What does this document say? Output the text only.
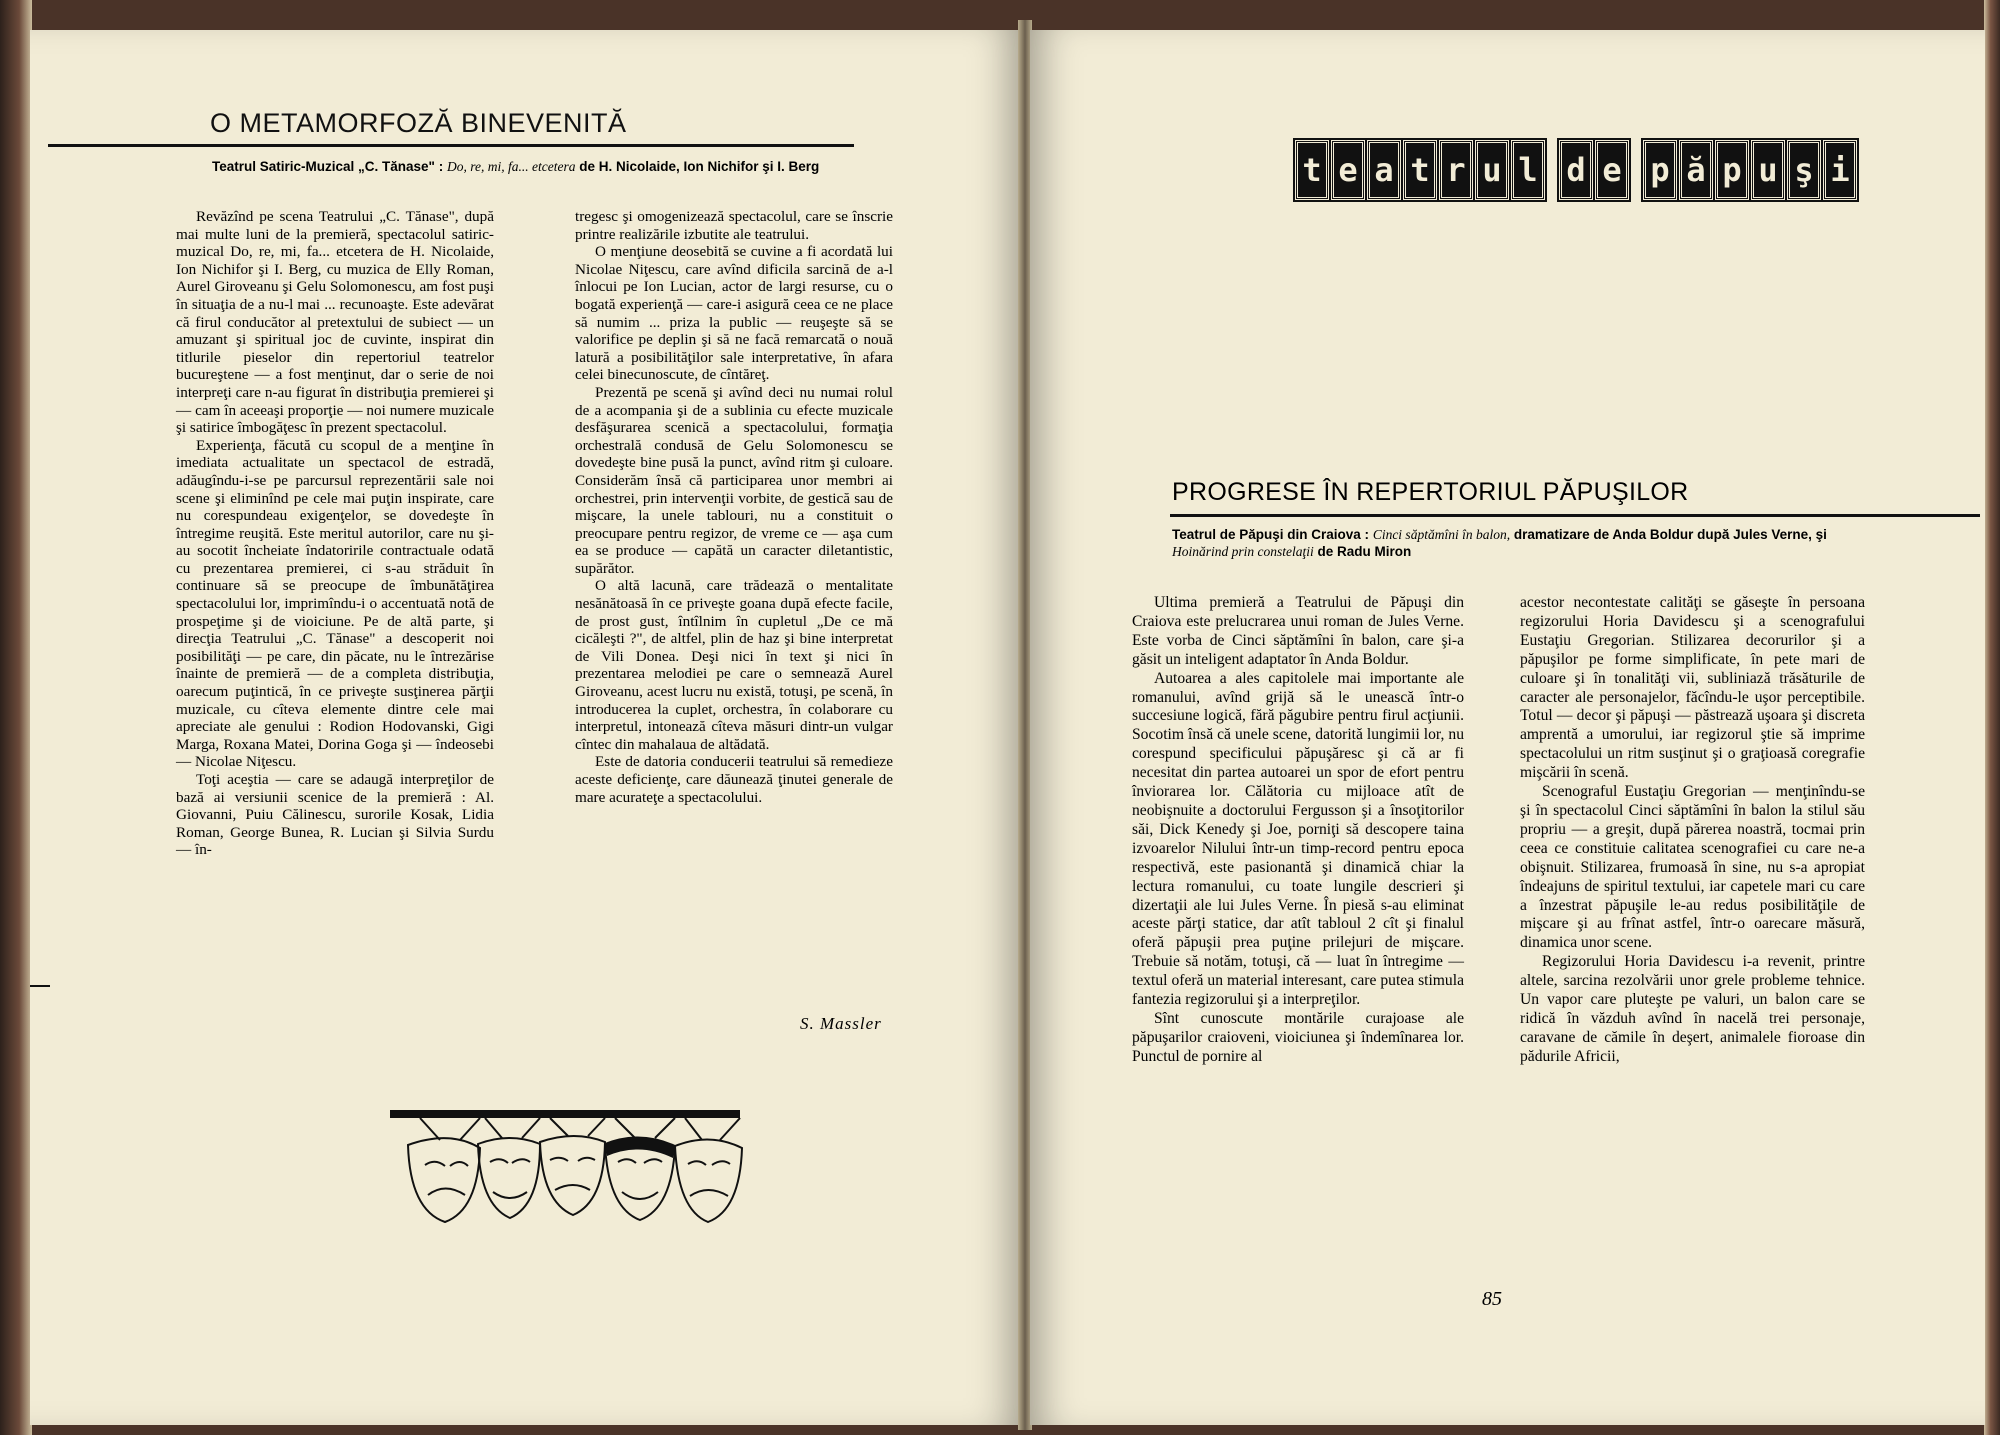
O METAMORFOZĂ BINEVENITĂ
Teatrul Satiric-Muzical „C. Tănase" : Do, re, mi, fa... etcetera de H. Nicolaide, Ion Nichifor şi I. Berg

Revăzînd pe scena Teatrului „C. Tănase", după mai multe luni de la premieră, spectacolul satiric-muzical Do, re, mi, fa... etcetera de H. Nicolaide, Ion Nichifor şi I. Berg, cu muzica de Elly Roman, Aurel Giroveanu şi Gelu Solomonescu, am fost puşi în situaţia de a nu-l mai ... recunoaşte. Este adevărat că firul conducător al pretextului de subiect — un amuzant şi spiritual joc de cuvinte, inspirat din titlurile pieselor din repertoriul teatrelor bucureştene — a fost menţinut, dar o serie de noi interpreţi care n-au figurat în distribuţia premierei şi — cam în aceeaşi proporţie — noi numere muzicale şi satirice îmbogăţesc în prezent spectacolul.

Experienţa, făcută cu scopul de a menţine în imediata actualitate un spectacol de estradă, adăugîndu-i-se pe parcursul reprezentării sale noi scene şi eliminînd pe cele mai puţin inspirate, care nu corespundeau exigenţelor, se dovedeşte în întregime reuşită. Este meritul autorilor, care nu şi-au socotit încheiate îndatoririle contractuale odată cu prezentarea premierei, ci s-au străduit în continuare să se preocupe de îmbunătăţirea spectacolului lor, imprimîndu-i o accentuată notă de prospeţime şi de vioiciune. Pe de altă parte, şi direcţia Teatrului „C. Tănase" a descoperit noi posibilităţi — pe care, din păcate, nu le întrezărise înainte de premieră — de a completa distribuţia, oarecum puţintică, în ce priveşte susţinerea părţii muzicale, cu cîteva elemente dintre cele mai apreciate ale genului : Rodion Hodovanski, Gigi Marga, Roxana Matei, Dorina Goga şi — îndeosebi — Nicolae Niţescu.

Toţi aceştia — care se adaugă interpreţilor de bază ai versiunii scenice de la premieră : Al. Giovanni, Puiu Călinescu, surorile Kosak, Lidia Roman, George Bunea, R. Lucian şi Silvia Surdu — în-

tregesc şi omogenizează spectacolul, care se înscrie printre realizările izbutite ale teatrului.

O menţiune deosebită se cuvine a fi acordată lui Nicolae Niţescu, care avînd dificila sarcină de a-l înlocui pe Ion Lucian, actor de largi resurse, cu o bogată experienţă — care-i asigură ceea ce ne place să numim ... priza la public — reuşeşte să se valorifice pe deplin şi să ne facă remarcată o nouă latură a posibilităţilor sale interpretative, în afara celei binecunoscute, de cîntăreţ.

Prezentă pe scenă şi avînd deci nu numai rolul de a acompania şi de a sublinia cu efecte muzicale desfăşurarea scenică a spectacolului, formaţia orchestrală condusă de Gelu Solomonescu se dovedeşte bine pusă la punct, avînd ritm şi culoare. Considerăm însă că participarea unor membri ai orchestrei, prin intervenţii vorbite, de gestică sau de mişcare, la unele tablouri, nu a constituit o preocupare pentru regizor, de vreme ce — aşa cum ea se produce — capătă un caracter diletantistic, supărător.

O altă lacună, care trădează o mentalitate nesănătoasă în ce priveşte goana după efecte facile, de prost gust, întîlnim în cupletul „De ce mă cicăleşti ?", de altfel, plin de haz şi bine interpretat de Vili Donea. Deşi nici în text şi nici în prezentarea melodiei pe care o semnează Aurel Giroveanu, acest lucru nu există, totuşi, pe scenă, în introducerea la cuplet, orchestra, în colaborare cu interpretul, intonează cîteva măsuri dintr-un vulgar cîntec din mahalaua de altădată.

Este de datoria conducerii teatrului să remedieze aceste deficienţe, care dăunează ţinutei generale de mare acurateţe a spectacolului.

S. Massler
t e a t r u l d e p ă p u ş i
PROGRESE ÎN REPERTORIUL PĂPUŞILOR
Teatrul de Păpuşi din Craiova : Cinci săptămîni în balon, dramatizare de Anda Boldur după Jules Verne, şi Hoinărind prin constelaţii de Radu Miron

Ultima premieră a Teatrului de Păpuşi din Craiova este prelucrarea unui roman de Jules Verne. Este vorba de Cinci săptămîni în balon, care şi-a găsit un inteligent adaptator în Anda Boldur.

Autoarea a ales capitolele mai importante ale romanului, avînd grijă să le unească într-o succesiune logică, fără păgubire pentru firul acţiunii. Socotim însă că unele scene, datorită lungimii lor, nu corespund specificului păpuşăresc şi că ar fi necesitat din partea autoarei un spor de efort pentru înviorarea lor. Călătoria cu mijloace atît de neobişnuite a doctorului Fergusson şi a însoţitorilor săi, Dick Kenedy şi Joe, porniţi să descopere taina izvoarelor Nilului într-un timp-record pentru epoca respectivă, este pasionantă şi dinamică chiar la lectura romanului, cu toate lungile descrieri şi dizertaţii ale lui Jules Verne. În piesă s-au eliminat aceste părţi statice, dar atît tabloul 2 cît şi finalul oferă păpuşii prea puţine prilejuri de mişcare. Trebuie să notăm, totuşi, că — luat în întregime — textul oferă un material interesant, care putea stimula fantezia regizorului şi a interpreţilor.

Sînt cunoscute montările curajoase ale păpuşarilor craioveni, vioiciunea şi îndemînarea lor. Punctul de pornire al

acestor necontestate calităţi se găseşte în persoana regizorului Horia Davidescu şi a scenografului Eustaţiu Gregorian. Stilizarea decorurilor şi a păpuşilor pe forme simplificate, în pete mari de culoare şi în tonalităţi vii, subliniază trăsăturile de caracter ale personajelor, făcîndu-le uşor perceptibile. Totul — decor şi păpuşi — păstrează uşoara şi discreta amprentă a umorului, iar regizorul ştie să imprime spectacolului un ritm susţinut şi o graţioasă coregrafie mişcării în scenă.

Scenograful Eustaţiu Gregorian — menţinîndu-se şi în spectacolul Cinci săptămîni în balon la stilul său propriu — a greşit, după părerea noastră, tocmai prin ceea ce constituie calitatea scenografiei cu care ne-a obişnuit. Stilizarea, frumoasă în sine, nu s-a apropiat îndeajuns de spiritul textului, iar capetele mari cu care a înzestrat păpuşile le-au redus posibilităţile de mişcare şi au frînat astfel, într-o oarecare măsură, dinamica unor scene.

Regizorului Horia Davidescu i-a revenit, printre altele, sarcina rezolvării unor grele probleme tehnice. Un vapor care pluteşte pe valuri, un balon care se ridică în văzduh avînd în nacelă trei personaje, caravane de cămile în deşert, animalele fioroase din pădurile Africii,

85
